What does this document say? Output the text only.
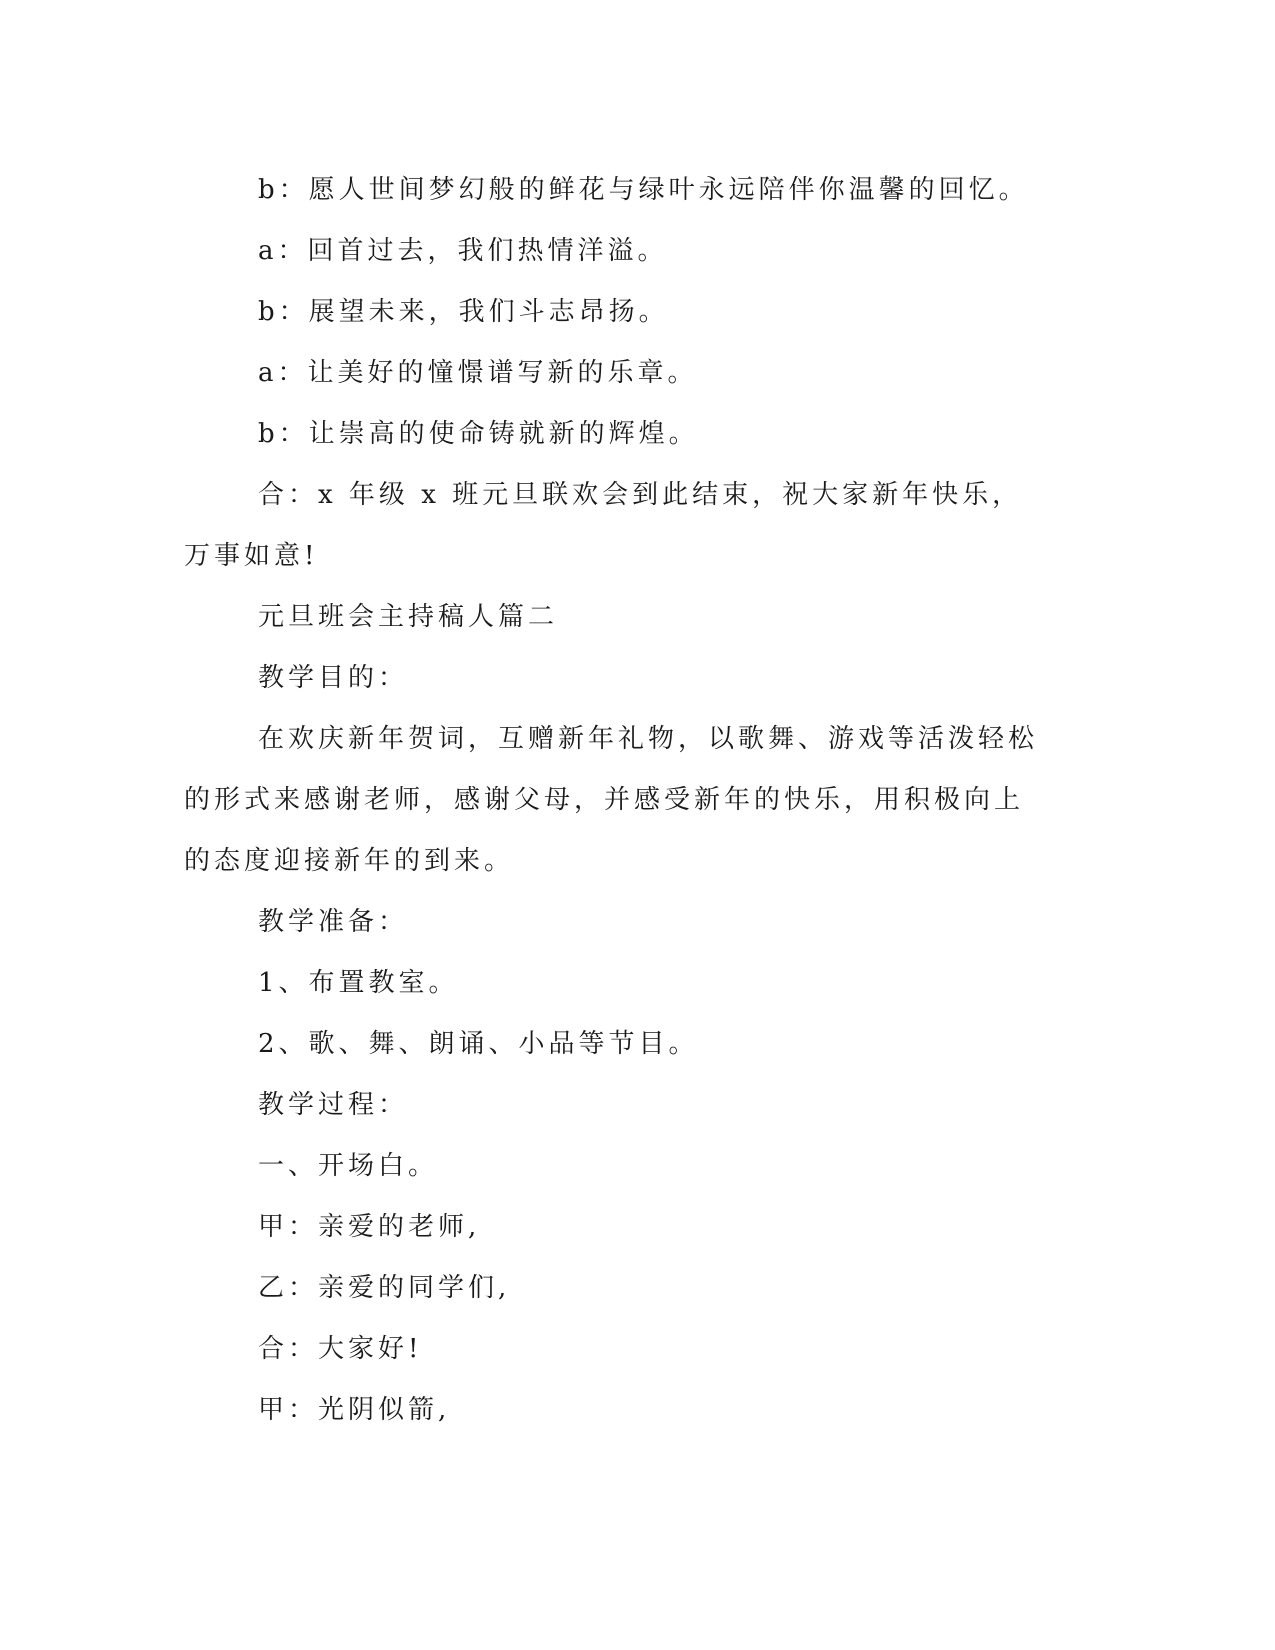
b：愿人世间梦幻般的鲜花与绿叶永远陪伴你温馨的回忆。

a：回首过去，我们热情洋溢。

b：展望未来，我们斗志昂扬。

a：让美好的憧憬谱写新的乐章。

b：让崇高的使命铸就新的辉煌。

合：x 年级 x 班元旦联欢会到此结束，祝大家新年快乐，万事如意!

元旦班会主持稿人篇二

教学目的：

在欢庆新年贺词，互赠新年礼物，以歌舞、游戏等活泼轻松的形式来感谢老师，感谢父母，并感受新年的快乐，用积极向上的态度迎接新年的到来。

教学准备：

1、布置教室。

2、歌、舞、朗诵、小品等节目。

教学过程：

一、开场白。

甲：亲爱的老师,

乙：亲爱的同学们,

合：大家好!

甲：光阴似箭,
